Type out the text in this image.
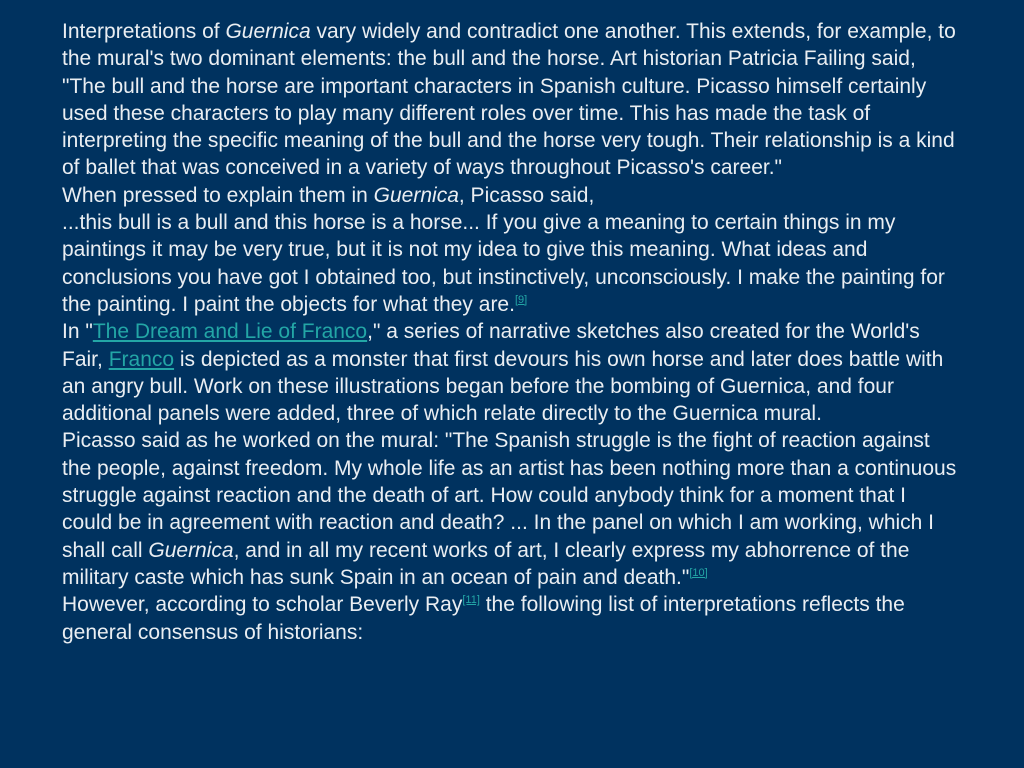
Interpretations of Guernica vary widely and contradict one another. This extends, for example, to the mural's two dominant elements: the bull and the horse. Art historian Patricia Failing said, "The bull and the horse are important characters in Spanish culture. Picasso himself certainly used these characters to play many different roles over time. This has made the task of interpreting the specific meaning of the bull and the horse very tough. Their relationship is a kind of ballet that was conceived in a variety of ways throughout Picasso's career."

When pressed to explain them in Guernica, Picasso said,

...this bull is a bull and this horse is a horse... If you give a meaning to certain things in my paintings it may be very true, but it is not my idea to give this meaning. What ideas and conclusions you have got I obtained too, but instinctively, unconsciously. I make the painting for the painting. I paint the objects for what they are.[9]

In "The Dream and Lie of Franco," a series of narrative sketches also created for the World's Fair, Franco is depicted as a monster that first devours his own horse and later does battle with an angry bull. Work on these illustrations began before the bombing of Guernica, and four additional panels were added, three of which relate directly to the Guernica mural.

Picasso said as he worked on the mural: "The Spanish struggle is the fight of reaction against the people, against freedom. My whole life as an artist has been nothing more than a continuous struggle against reaction and the death of art. How could anybody think for a moment that I could be in agreement with reaction and death? ... In the panel on which I am working, which I shall call Guernica, and in all my recent works of art, I clearly express my abhorrence of the military caste which has sunk Spain in an ocean of pain and death."[10]

However, according to scholar Beverly Ray[11] the following list of interpretations reflects the general consensus of historians:
